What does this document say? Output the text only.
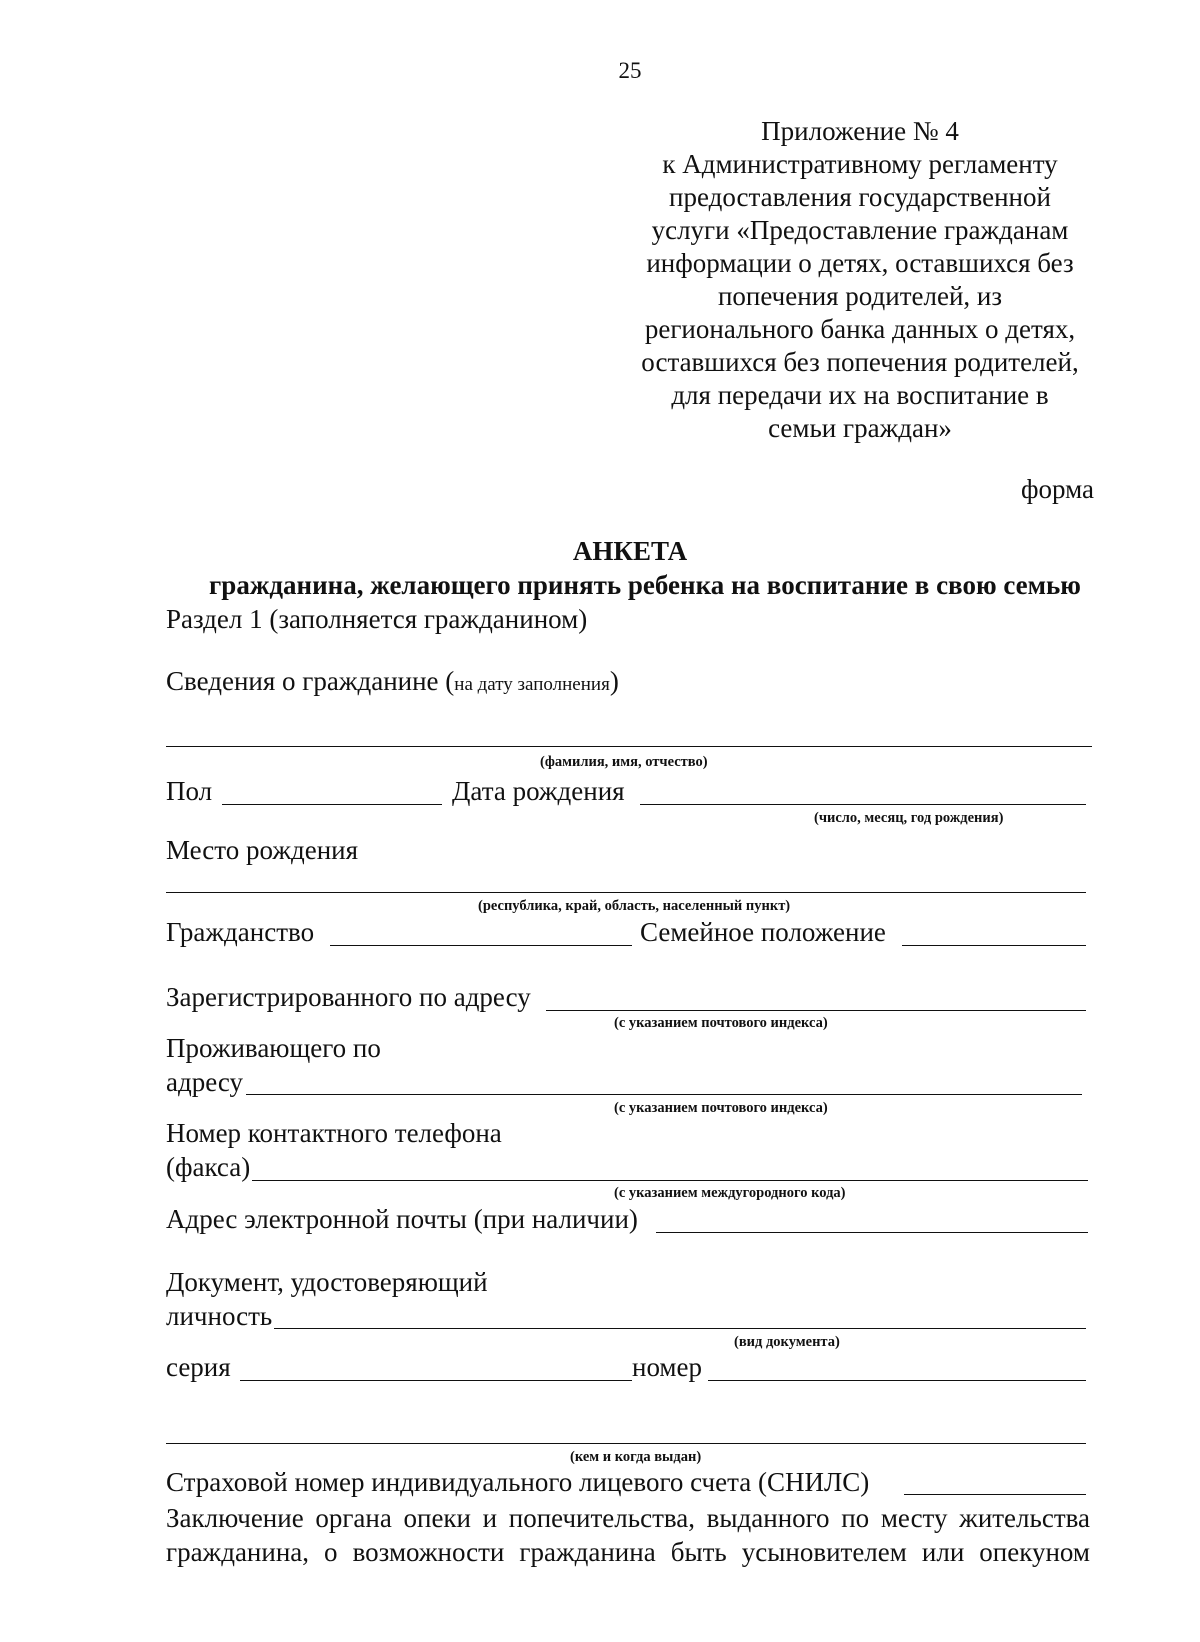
25
Приложение № 4
к Административному регламенту
предоставления государственной
услуги «Предоставление гражданам
информации о детях, оставшихся без
попечения родителей, из
регионального банка данных о детях,
оставшихся без попечения родителей,
для передачи их на воспитание в
семьи граждан»
форма
АНКЕТА
гражданина, желающего принять ребенка на воспитание в свою семью
Раздел 1 (заполняется гражданином)
Сведения о гражданине (на дату заполнения)
(фамилия, имя, отчество)
Пол	Дата рождения
(число, месяц, год рождения)
Место рождения
(республика, край, область, населенный пункт)
Гражданство	Семейное положение
Зарегистрированного по адресу
(с указанием почтового индекса)
Проживающего по
адресу
(с указанием почтового индекса)
Номер контактного телефона
(факса)
(с указанием междугородного кода)
Адрес электронной почты (при наличии)
Документ, удостоверяющий
личность
(вид документа)
серия	номер
(кем и когда выдан)
Страховой номер индивидуального лицевого счета (СНИЛС)
Заключение органа опеки и попечительства, выданного по месту жительства
гражданина, о возможности гражданина быть усыновителем или опекуном
